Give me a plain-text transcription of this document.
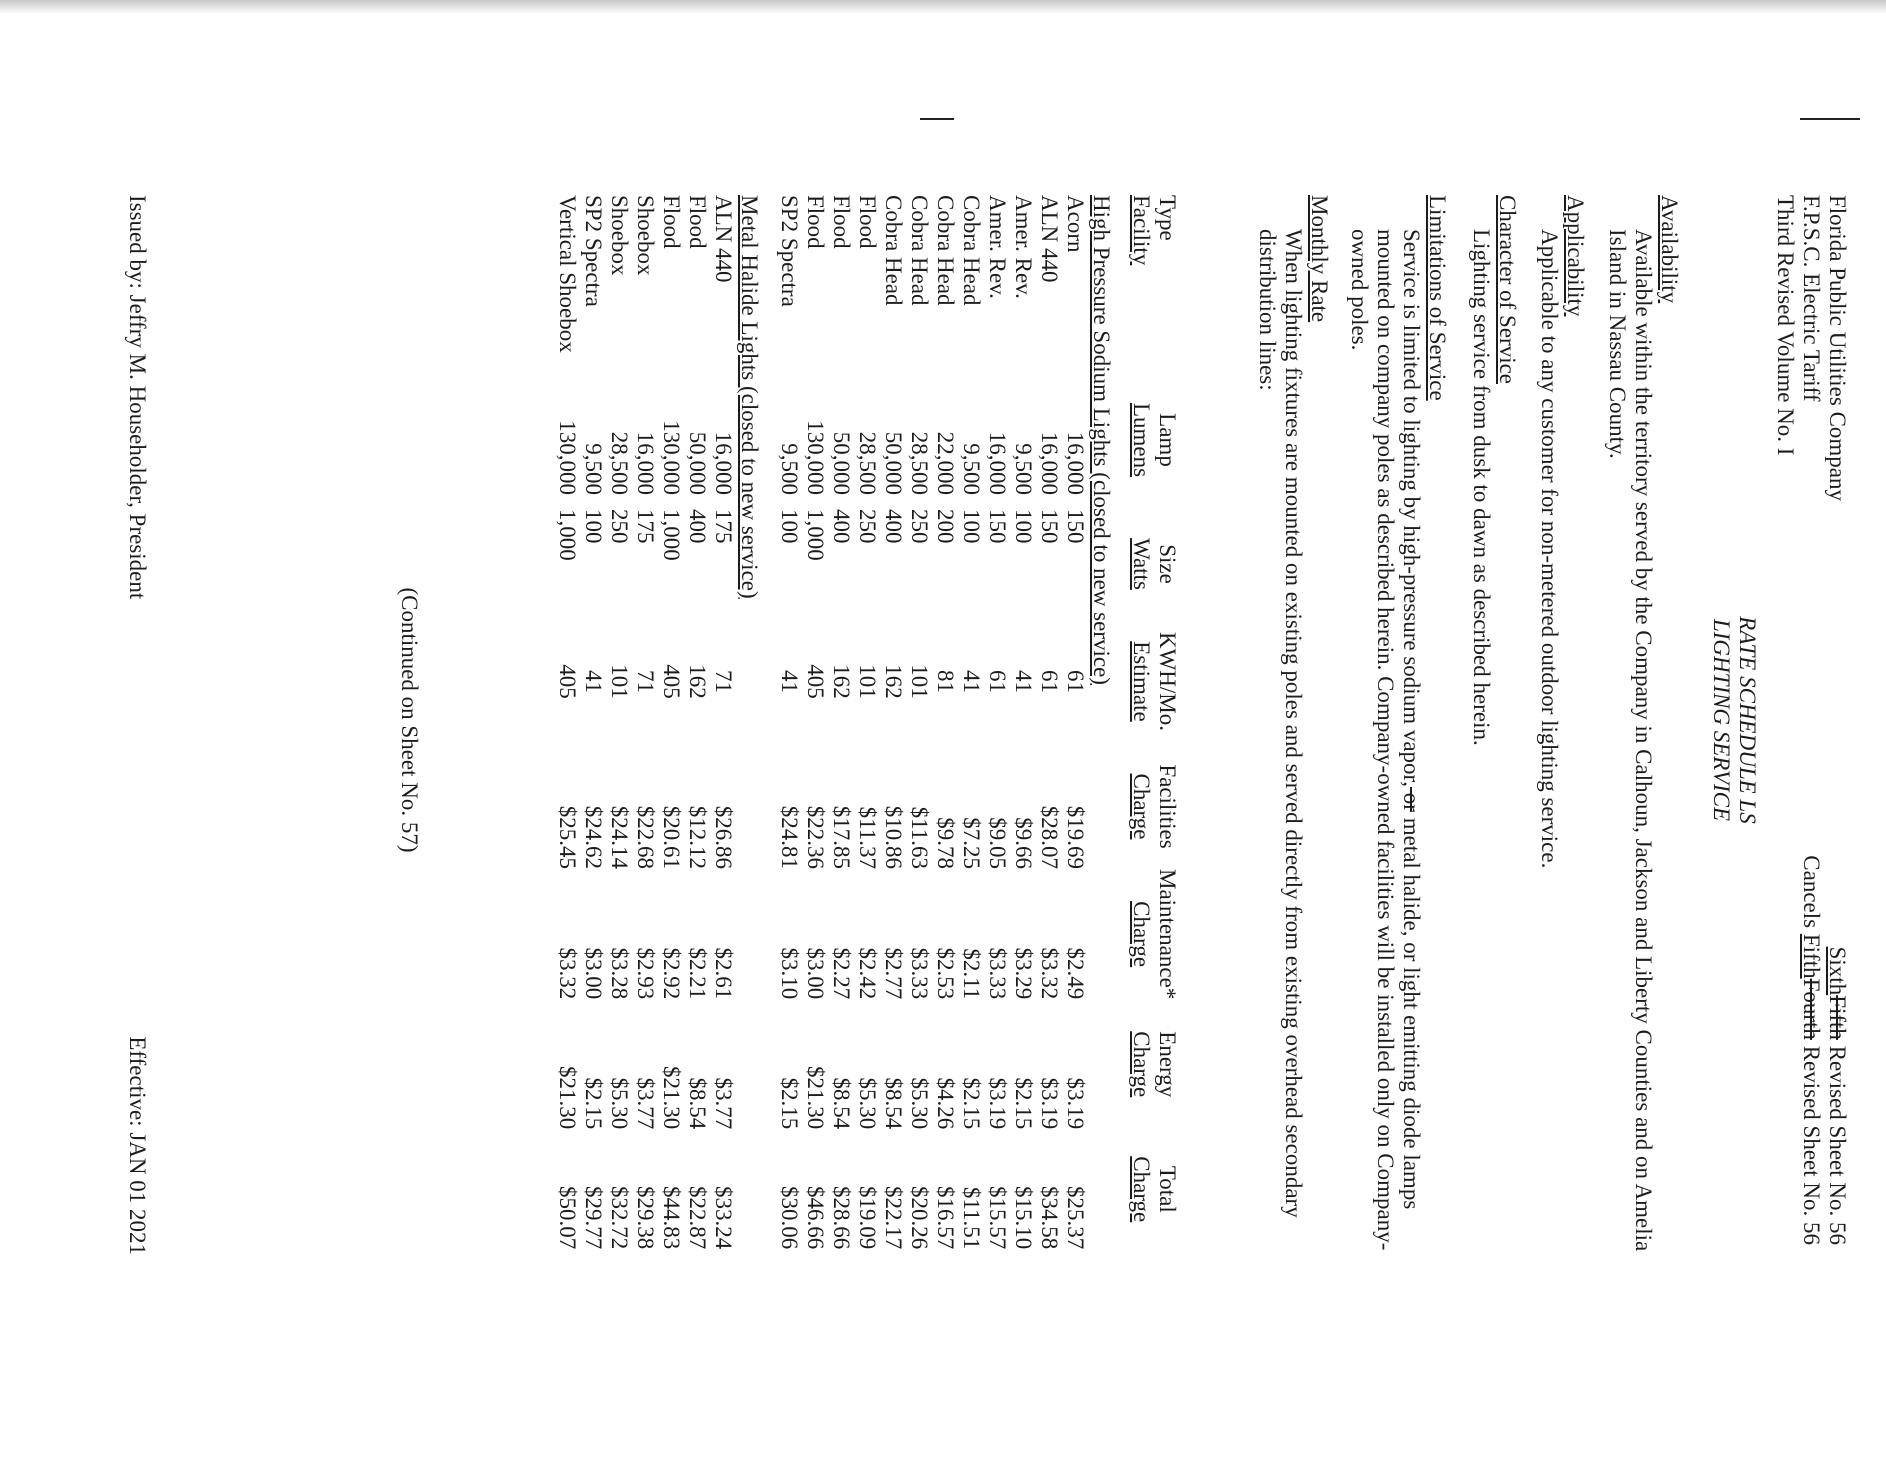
Florida Public Utilities Company
F.P.S.C. Electric Tariff
Third Revised Volume No. I
SixthFifth Revised Sheet No. 56
Cancels FifthFourth Revised Sheet No. 56
RATE SCHEDULE LS
LIGHTING SERVICE
Availability
Available within the territory served by the Company in Calhoun, Jackson and Liberty Counties and on Amelia Island in Nassau County.
Applicability
Applicable to any customer for non-metered outdoor lighting service.
Character of Service
Lighting service from dusk to dawn as described herein.
Limitations of Service
Service is limited to lighting by high-pressure sodium vapor, or metal halide, or light emitting diode lamps mounted on company poles as described herein. Company-owned facilities will be installed only on Company-owned poles.
Monthly Rate
When lighting fixtures are mounted on existing poles and served directly from existing overhead secondary distribution lines:
Type	Lamp	Size	KWH/Mo.	Facilities	Maintenance*	Energy	Total
Facility	Lumens	Watts	Estimate	Charge	Charge	Charge	Charge
High Pressure Sodium Lights (closed to new service)							
Acorn	16,000	150	61	$19.69	$2.49	$3.19	$25.37
ALN 440	16,000	150	61	$28.07	$3.32	$3.19	$34.58
Amer. Rev.	9,500	100	41	$9.66	$3.29	$2.15	$15.10
Amer. Rev.	16,000	150	61	$9.05	$3.33	$3.19	$15.57
Cobra Head	9,500	100	41	$7.25	$2.11	$2.15	$11.51
Cobra Head	22,000	200	81	$9.78	$2.53	$4.26	$16.57
Cobra Head	28,500	250	101	$11.63	$3.33	$5.30	$20.26
Cobra Head	50,000	400	162	$10.86	$2.77	$8.54	$22.17
Flood	28,500	250	101	$11.37	$2.42	$5.30	$19.09
Flood	50,000	400	162	$17.85	$2.27	$8.54	$28.66
Flood	130,000	1,000	405	$22.36	$3.00	$21.30	$46.66
SP2 Spectra	9,500	100	41	$24.81	$3.10	$2.15	$30.06
Metal Halide Lights (closed to new service)							
ALN 440	16,000	175	71	$26.86	$2.61	$3.77	$33.24
Flood	50,000	400	162	$12.12	$2.21	$8.54	$22.87
Flood	130,000	1,000	405	$20.61	$2.92	$21.30	$44.83
Shoebox	16,000	175	71	$22.68	$2.93	$3.77	$29.38
Shoebox	28,500	250	101	$24.14	$3.28	$5.30	$32.72
SP2 Spectra	9,500	100	41	$24.62	$3.00	$2.15	$29.77
Vertical Shoebox	130,000	1,000	405	$25.45	$3.32	$21.30	$50.07
(Continued on Sheet No. 57)
Issued by: Jeffry M. Householder, President
Effective: JAN 01 2021
